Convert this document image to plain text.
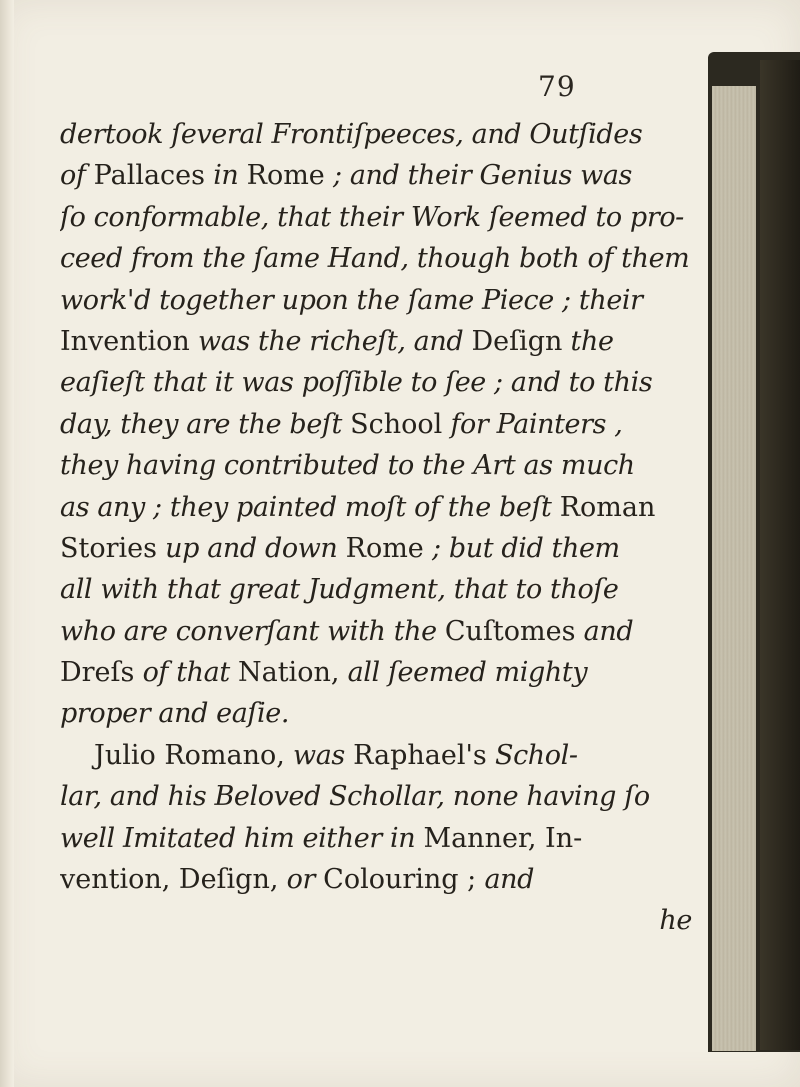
79
dertook ſeveral Frontiſpeeces, and Outſides
of Pallaces in Rome ; and their Genius was
ſo conformable, that their Work ſeemed to pro-
ceed from the ſame Hand, though both of them
work'd together upon the ſame Piece ; their
Invention was the richeſt, and Deſign the
eaſieſt that it was poſſible to ſee ; and to this
day, they are the beſt School for Painters ,
they having contributed to the Art as much
as any ; they painted moſt of the beſt Roman
Stories up and down Rome ; but did them
all with that great Judgment, that to thoſe
who are converſant with the Cuſtomes and
Dreſs of that Nation, all ſeemed mighty
proper and eaſie.
Julio Romano, was Raphael's Schol-
lar, and his Beloved Schollar, none having ſo
well Imitated him either in Manner, In-
vention, Deſign, or Colouring ; and
he
